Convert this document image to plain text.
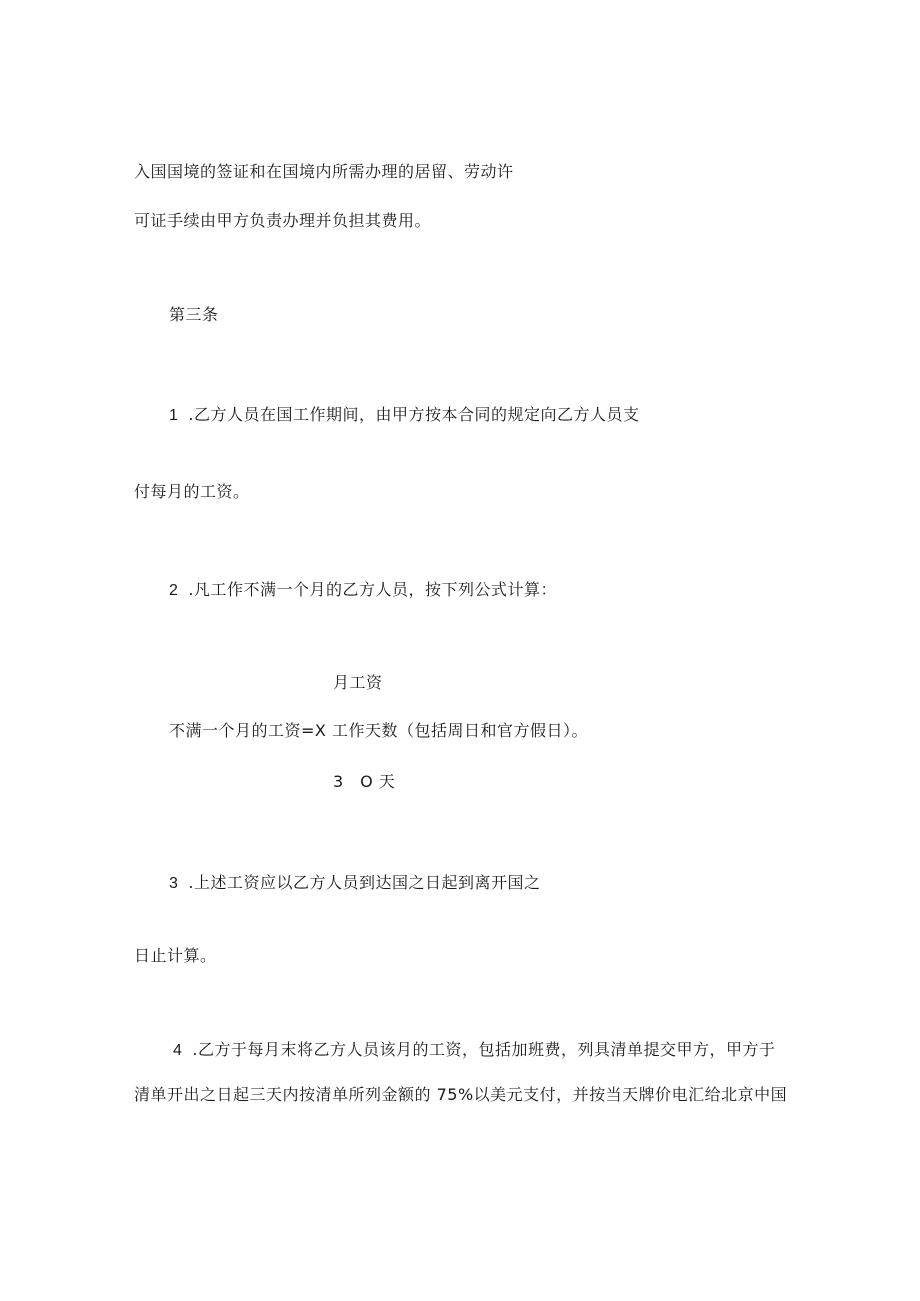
入国国境的签证和在国境内所需办理的居留、劳动许
可证手续由甲方负责办理并负担其费用。
第三条
1 .乙方人员在国工作期间，由甲方按本合同的规定向乙方人员支
付每月的工资。
2 .凡工作不满一个月的乙方人员，按下列公式计算：
月工资
不满一个月的工资=X 工作天数（包括周日和官方假日）。
3　O 天
3 .上述工资应以乙方人员到达国之日起到离开国之
日止计算。
4 .乙方于每月末将乙方人员该月的工资，包括加班费，列具清单提交甲方，甲方于
清单开出之日起三天内按清单所列金额的 75%以美元支付，并按当天牌价电汇给北京中国
